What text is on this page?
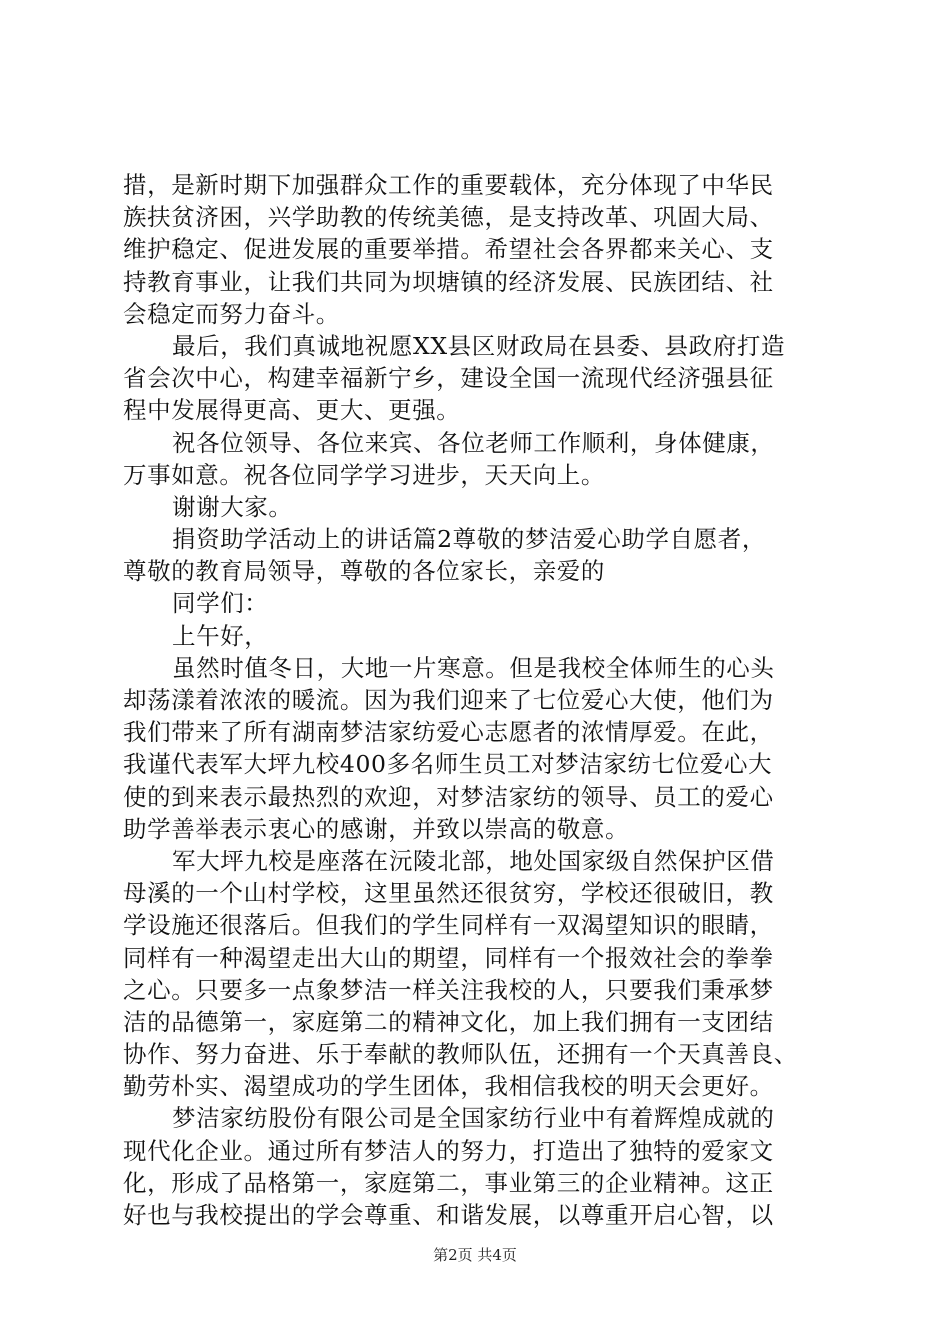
措，是新时期下加强群众工作的重要载体，充分体现了中华民
族扶贫济困，兴学助教的传统美德，是支持改革、巩固大局、
维护稳定、促进发展的重要举措。希望社会各界都来关心、支
持教育事业，让我们共同为坝塘镇的经济发展、民族团结、社
会稳定而努力奋斗。
最后，我们真诚地祝愿XX县区财政局在县委、县政府打造
省会次中心，构建幸福新宁乡，建设全国一流现代经济强县征
程中发展得更高、更大、更强。
祝各位领导、各位来宾、各位老师工作顺利，身体健康，
万事如意。祝各位同学学习进步，天天向上。
谢谢大家。
捐资助学活动上的讲话篇2尊敬的梦洁爱心助学自愿者，
尊敬的教育局领导，尊敬的各位家长，亲爱的
同学们：
上午好，
虽然时值冬日，大地一片寒意。但是我校全体师生的心头
却荡漾着浓浓的暖流。因为我们迎来了七位爱心大使，他们为
我们带来了所有湖南梦洁家纺爱心志愿者的浓情厚爱。在此，
我谨代表军大坪九校400多名师生员工对梦洁家纺七位爱心大
使的到来表示最热烈的欢迎，对梦洁家纺的领导、员工的爱心
助学善举表示衷心的感谢，并致以崇高的敬意。
军大坪九校是座落在沅陵北部，地处国家级自然保护区借
母溪的一个山村学校，这里虽然还很贫穷，学校还很破旧，教
学设施还很落后。但我们的学生同样有一双渴望知识的眼睛，
同样有一种渴望走出大山的期望，同样有一个报效社会的拳拳
之心。只要多一点象梦洁一样关注我校的人，只要我们秉承梦
洁的品德第一，家庭第二的精神文化，加上我们拥有一支团结
协作、努力奋进、乐于奉献的教师队伍，还拥有一个天真善良、
勤劳朴实、渴望成功的学生团体，我相信我校的明天会更好。
梦洁家纺股份有限公司是全国家纺行业中有着辉煌成就的
现代化企业。通过所有梦洁人的努力，打造出了独特的爱家文
化，形成了品格第一，家庭第二，事业第三的企业精神。这正
好也与我校提出的学会尊重、和谐发展，以尊重开启心智，以
第2页 共4页
